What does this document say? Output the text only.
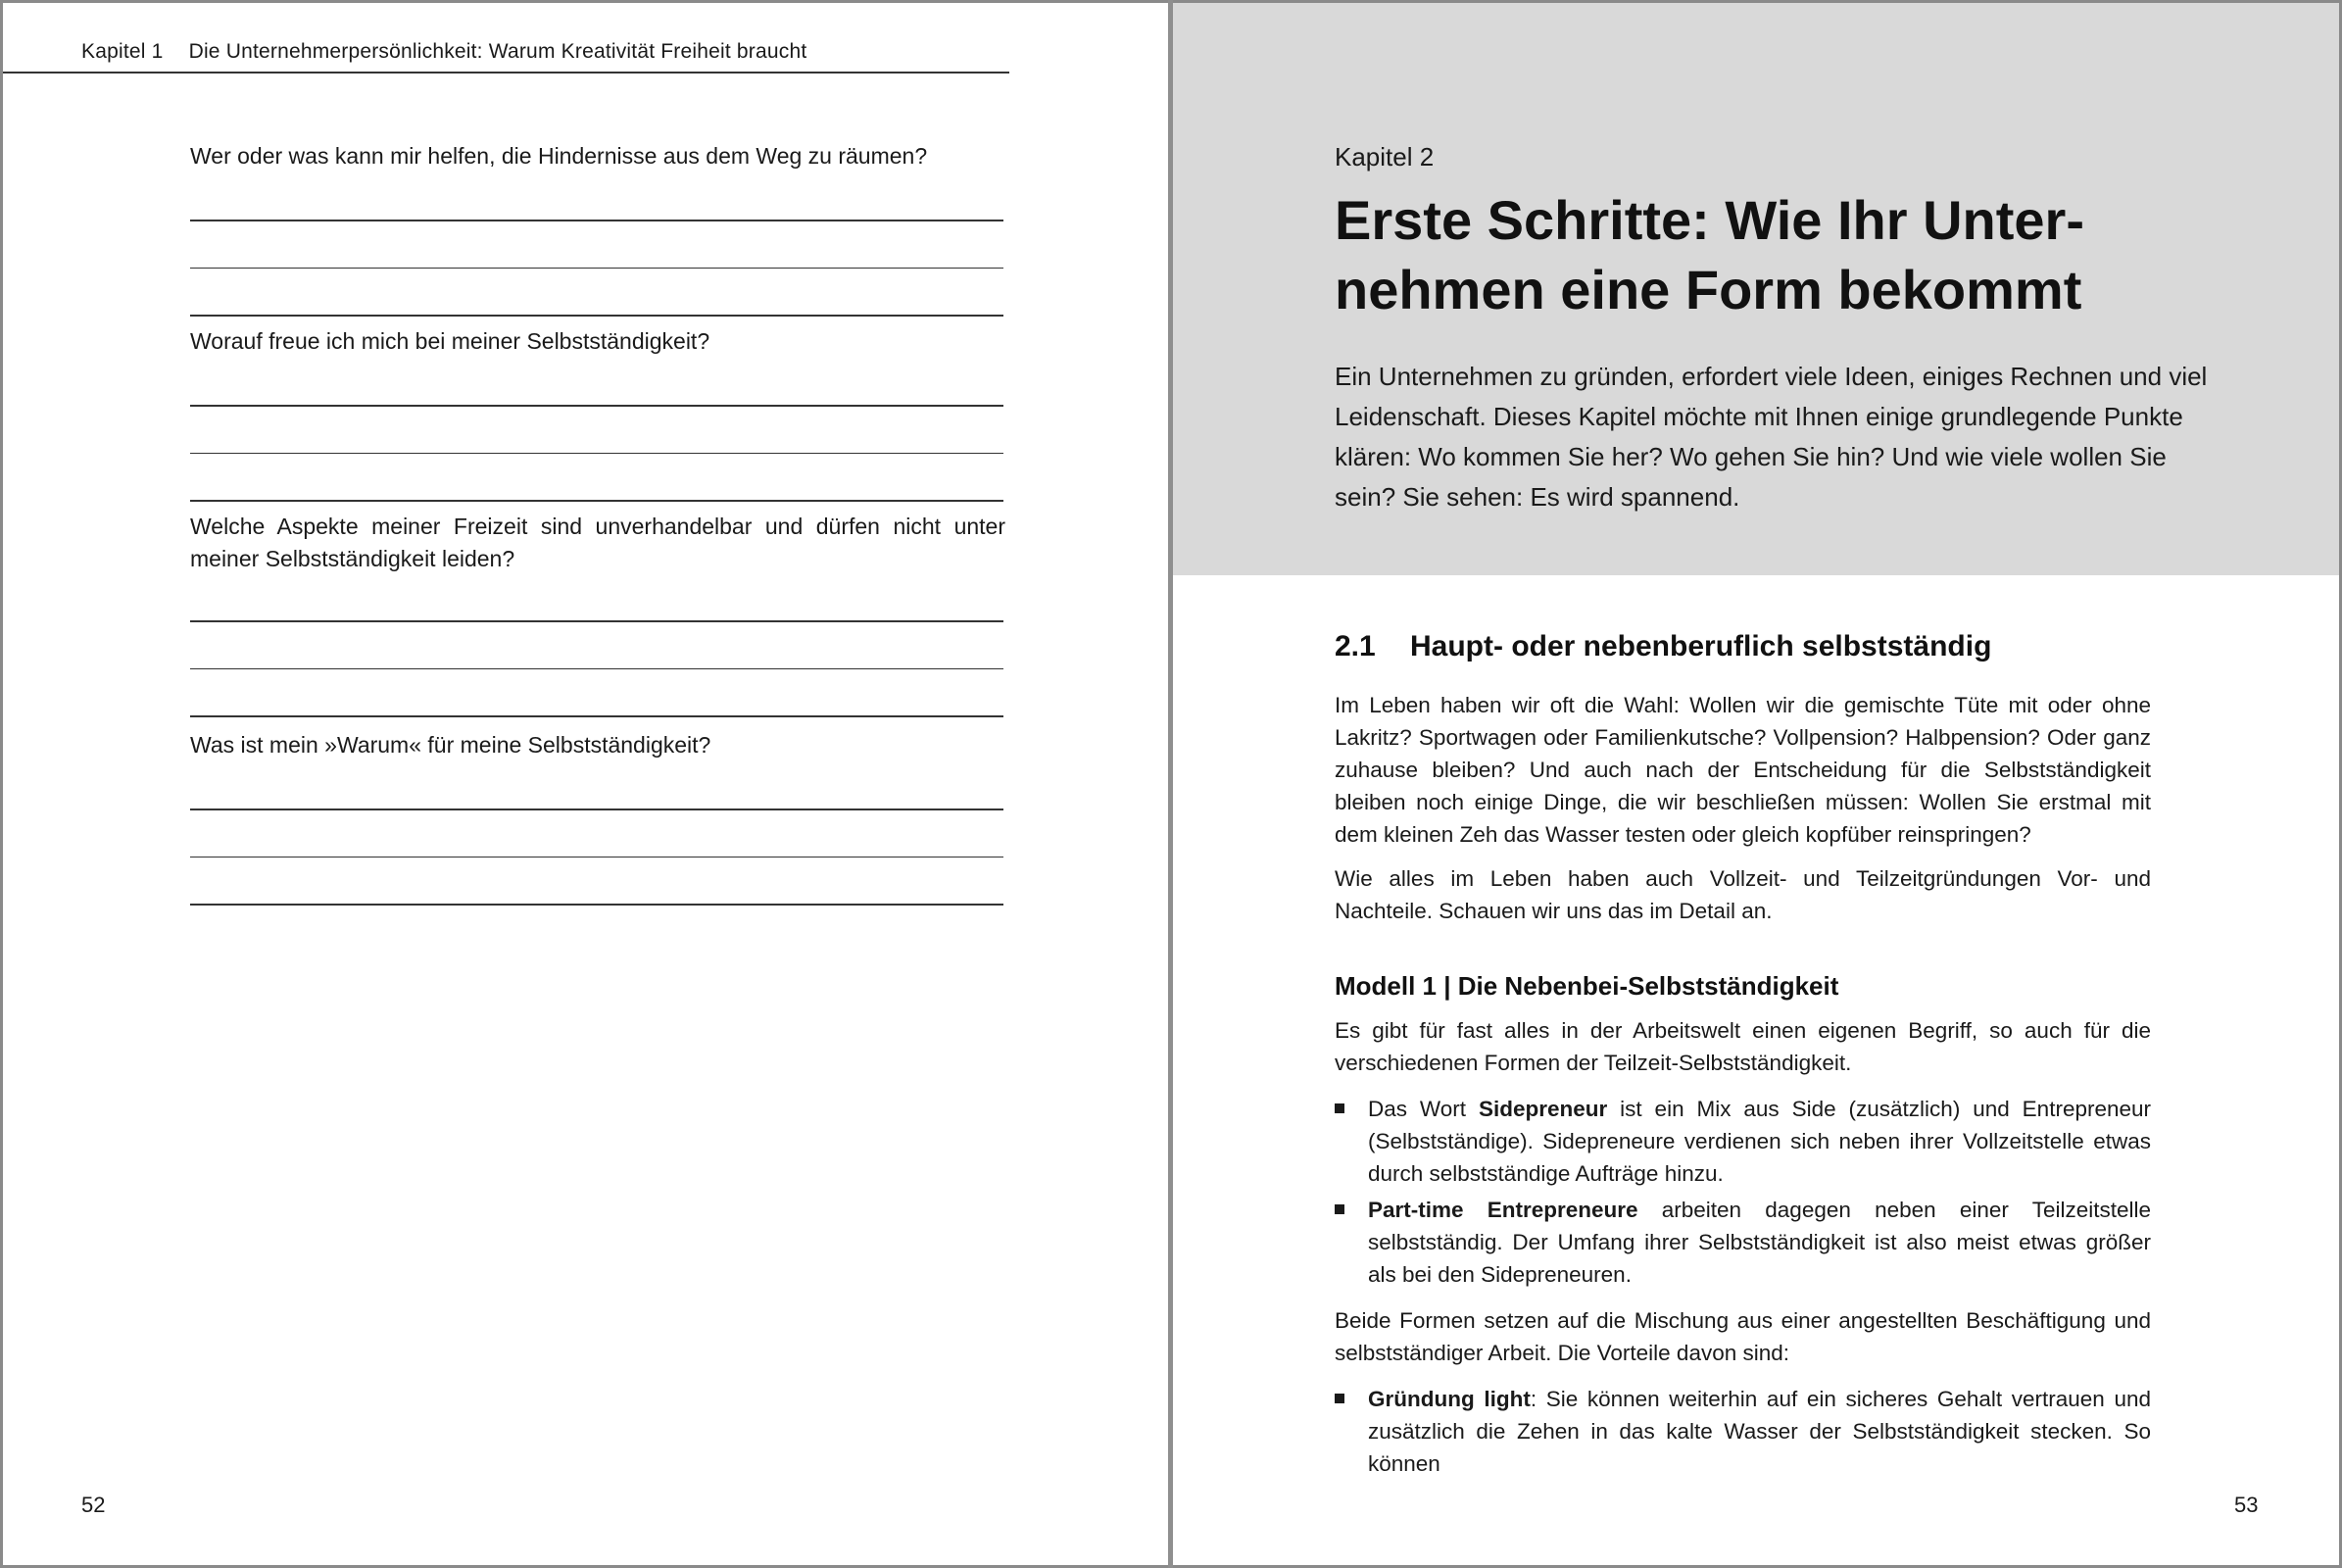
Kapitel 1 Die Unternehmerpersönlichkeit: Warum Kreativität Freiheit braucht

Wer oder was kann mir helfen, die Hindernisse aus dem Weg zu räumen?

Worauf freue ich mich bei meiner Selbstständigkeit?

Welche Aspekte meiner Freizeit sind unverhandelbar und dürfen nicht unter meiner Selbstständigkeit leiden?

Was ist mein »Warum« für meine Selbstständigkeit?

52
Kapitel 2
Erste Schritte: Wie Ihr Unter-
nehmen eine Form bekommt

Ein Unternehmen zu gründen, erfordert viele Ideen, einiges Rechnen und viel Leidenschaft. Dieses Kapitel möchte mit Ihnen einige grundlegende Punkte klären: Wo kommen Sie her? Wo gehen Sie hin? Und wie viele wollen Sie sein? Sie sehen: Es wird spannend.

2.1 Haupt- oder nebenberuflich selbstständig

Im Leben haben wir oft die Wahl: Wollen wir die gemischte Tüte mit oder ohne Lakritz? Sportwagen oder Familienkutsche? Vollpension? Halbpension? Oder ganz zuhause bleiben? Und auch nach der Entscheidung für die Selbstständigkeit bleiben noch einige Dinge, die wir beschließen müssen: Wollen Sie erstmal mit dem kleinen Zeh das Wasser testen oder gleich kopfüber reinspringen?

Wie alles im Leben haben auch Vollzeit- und Teilzeitgründungen Vor- und Nachteile. Schauen wir uns das im Detail an.

Modell 1 | Die Nebenbei-Selbstständigkeit

Es gibt für fast alles in der Arbeitswelt einen eigenen Begriff, so auch für die verschiedenen Formen der Teilzeit-Selbstständigkeit.

Das Wort Sidepreneur ist ein Mix aus Side (zusätzlich) und Entrepreneur (Selbstständige). Sidepreneure verdienen sich neben ihrer Vollzeitstelle etwas durch selbstständige Aufträge hinzu.
Part-time Entrepreneure arbeiten dagegen neben einer Teilzeitstelle selbstständig. Der Umfang ihrer Selbstständigkeit ist also meist etwas größer als bei den Sidepreneuren.

Beide Formen setzen auf die Mischung aus einer angestellten Beschäftigung und selbstständiger Arbeit. Die Vorteile davon sind:

Gründung light: Sie können weiterhin auf ein sicheres Gehalt vertrauen und zusätzlich die Zehen in das kalte Wasser der Selbstständigkeit stecken. So können
53
